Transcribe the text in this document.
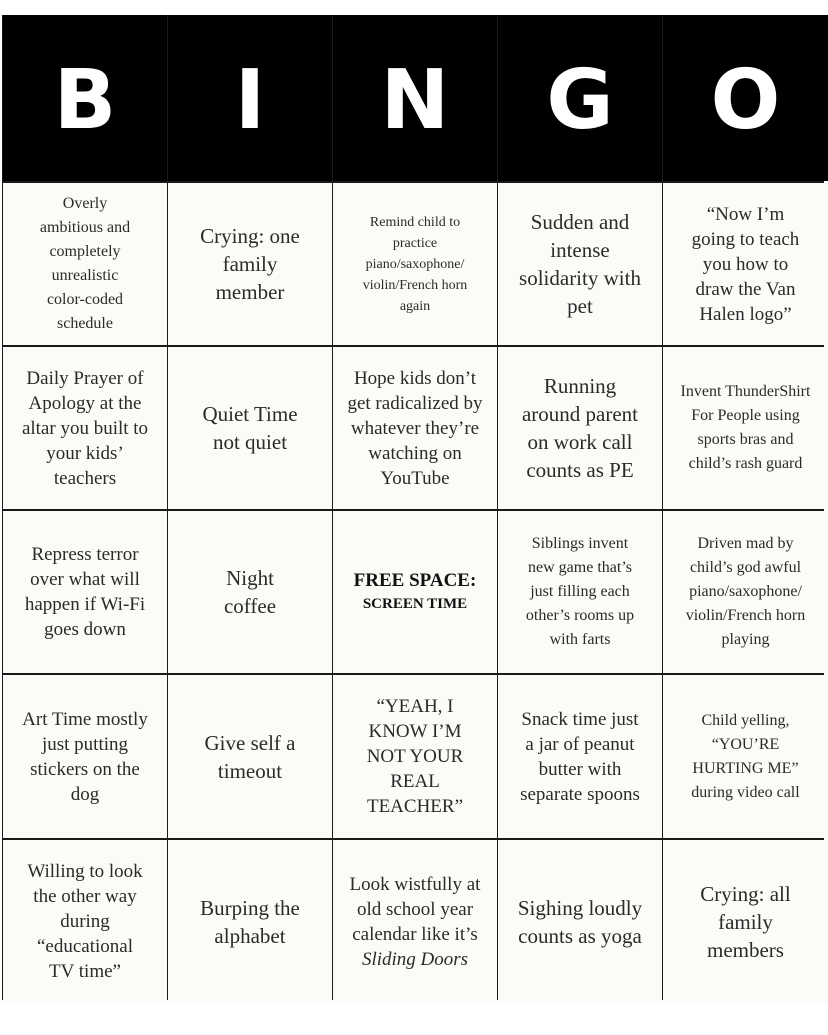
B I N G O
Overly ambitious and completely unrealistic color-coded schedule
Crying: one family member
Remind child to practice piano/saxophone/ violin/French horn again
Sudden and intense solidarity with pet
“Now I’m going to teach you how to draw the Van Halen logo”
Daily Prayer of Apology at the altar you built to your kids’ teachers
Quiet Time not quiet
Hope kids don’t get radicalized by whatever they’re watching on YouTube
Running around parent on work call counts as PE
Invent ThunderShirt For People using sports bras and child’s rash guard
Repress terror over what will happen if Wi-Fi goes down
Night coffee
FREE SPACE:
SCREEN TIME
Siblings invent new game that’s just filling each other’s rooms up with farts
Driven mad by child’s god awful piano/saxophone/ violin/French horn playing
Art Time mostly just putting stickers on the dog
Give self a timeout
“YEAH, I KNOW I’M NOT YOUR REAL TEACHER”
Snack time just a jar of peanut butter with separate spoons
Child yelling, “YOU’RE HURTING ME” during video call
Willing to look the other way during “educational TV time”
Burping the alphabet
Look wistfully at old school year calendar like it’s
Sliding Doors
Sighing loudly counts as yoga
Crying: all family members
